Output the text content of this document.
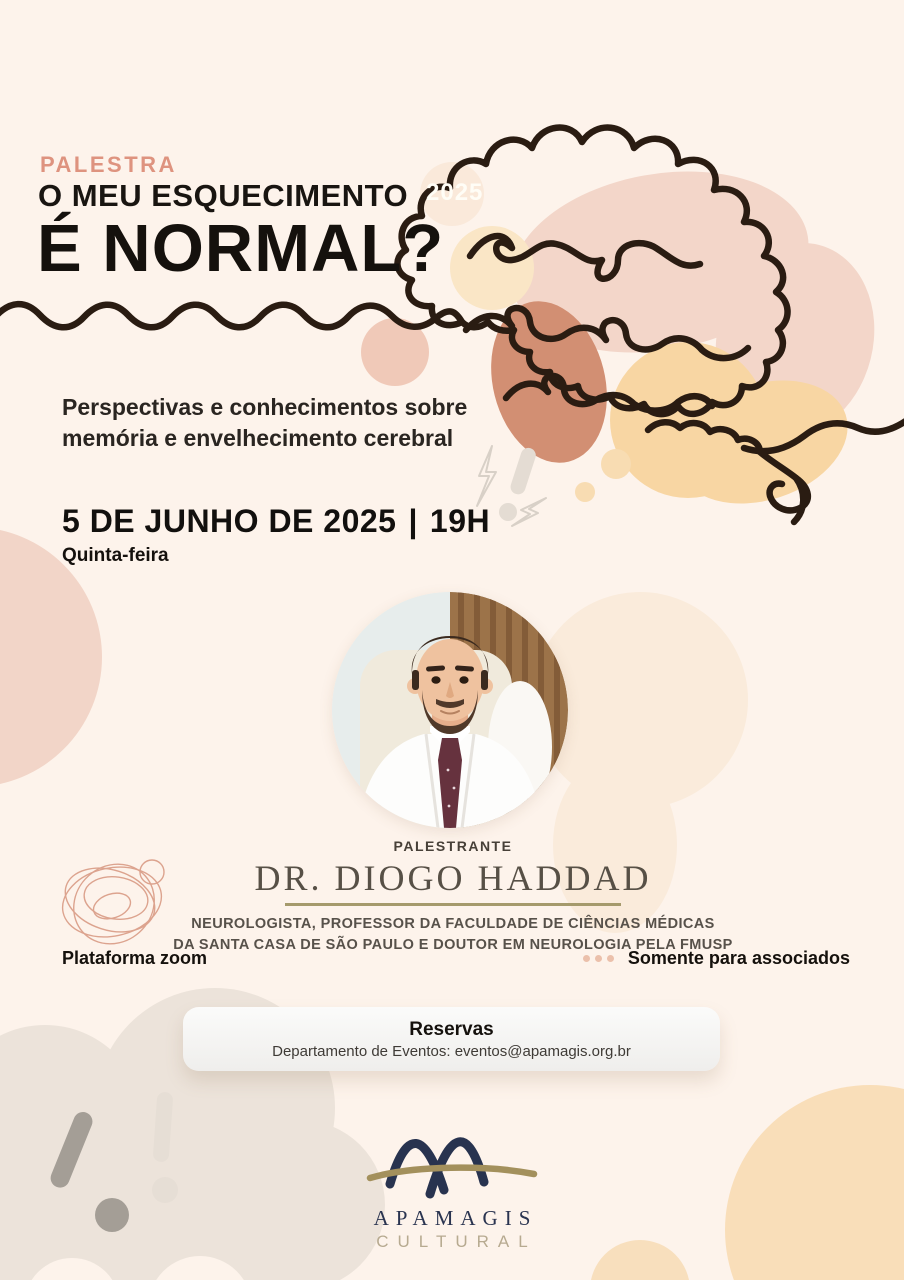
PALESTRA
O MEU ESQUECIMENTO
É NORMAL?
2025
Perspectivas e conhecimentos sobre
memória e envelhecimento cerebral
5 DE JUNHO DE 2025 | 19H
Quinta-feira
PALESTRANTE
DR. DIOGO HADDAD
NEUROLOGISTA, PROFESSOR DA FACULDADE DE CIÊNCIAS MÉDICAS
DA SANTA CASA DE SÃO PAULO E DOUTOR EM NEUROLOGIA PELA FMUSP
Plataforma zoom	Somente para associados
Reservas
Departamento de Eventos: eventos@apamagis.org.br
APAMAGIS
CULTURAL
